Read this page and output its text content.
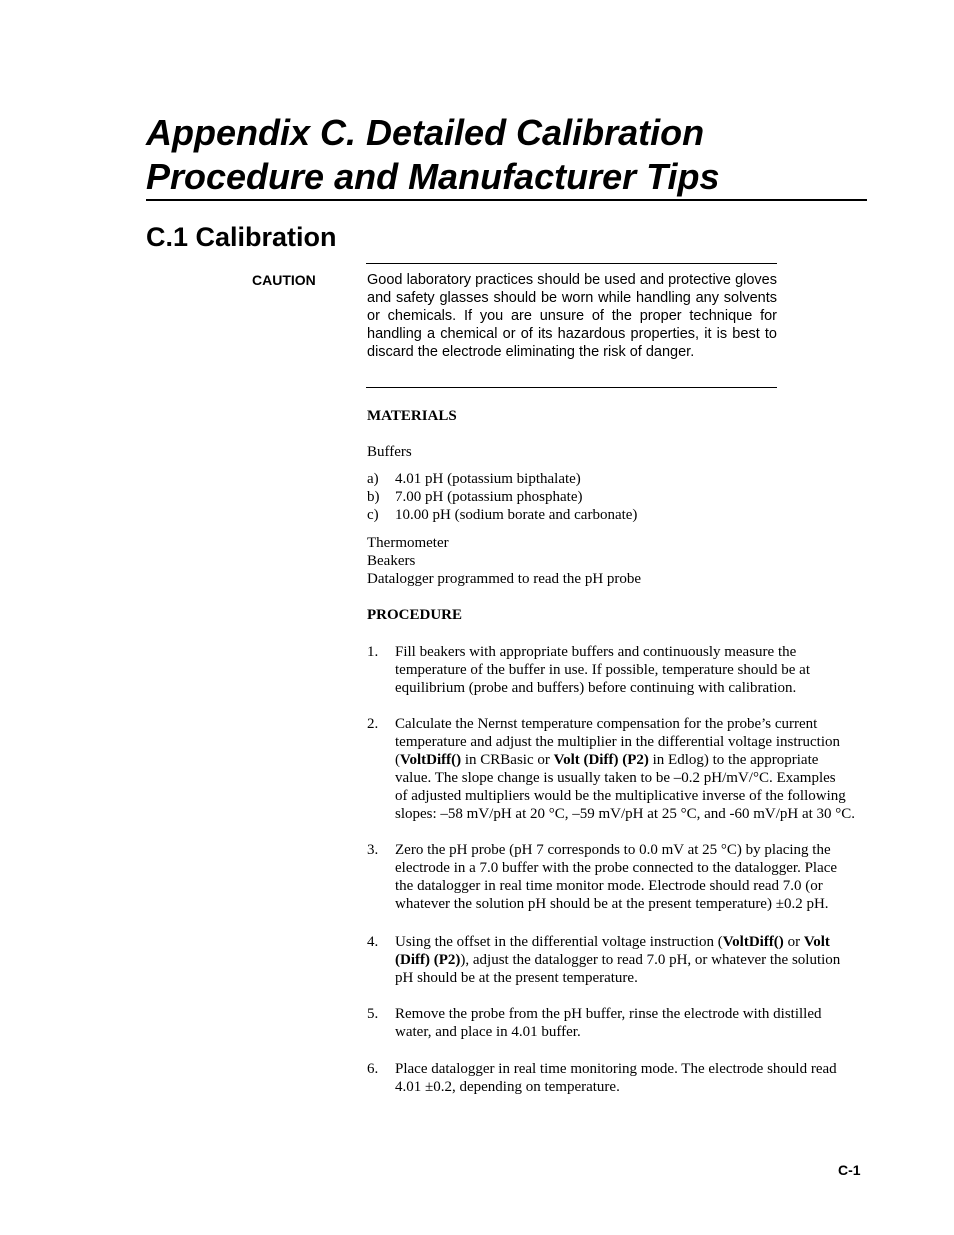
Appendix C. Detailed Calibration
Procedure and Manufacturer Tips
C.1 Calibration
CAUTION	Good laboratory practices should be used and protective gloves and safety glasses should be worn while handling any solvents or chemicals. If you are unsure of the proper technique for handling a chemical or of its hazardous properties, it is best to discard the electrode eliminating the risk of danger.

MATERIALS
Buffers
a)	4.01 pH (potassium bipthalate)
b)	7.00 pH (potassium phosphate)
c)	10.00 pH (sodium borate and carbonate)
Thermometer
Beakers
Datalogger programmed to read the pH probe
PROCEDURE
1. Fill beakers with appropriate buffers and continuously measure the
temperature of the buffer in use. If possible, temperature should be at
equilibrium (probe and buffers) before continuing with calibration.
2. Calculate the Nernst temperature compensation for the probe’s current
temperature and adjust the multiplier in the differential voltage instruction
(VoltDiff() in CRBasic or Volt (Diff) (P2) in Edlog) to the appropriate
value. The slope change is usually taken to be –0.2 pH/mV/°C. Examples
of adjusted multipliers would be the multiplicative inverse of the following
slopes: –58 mV/pH at 20 °C, –59 mV/pH at 25 °C, and -60 mV/pH at 30 °C.
3. Zero the pH probe (pH 7 corresponds to 0.0 mV at 25 °C) by placing the
electrode in a 7.0 buffer with the probe connected to the datalogger. Place
the datalogger in real time monitor mode. Electrode should read 7.0 (or
whatever the solution pH should be at the present temperature) ±0.2 pH.
4. Using the offset in the differential voltage instruction (VoltDiff() or Volt
(Diff) (P2)), adjust the datalogger to read 7.0 pH, or whatever the solution
pH should be at the present temperature.
5. Remove the probe from the pH buffer, rinse the electrode with distilled
water, and place in 4.01 buffer.
6. Place datalogger in real time monitoring mode. The electrode should read
4.01 ±0.2, depending on temperature.
C-1
